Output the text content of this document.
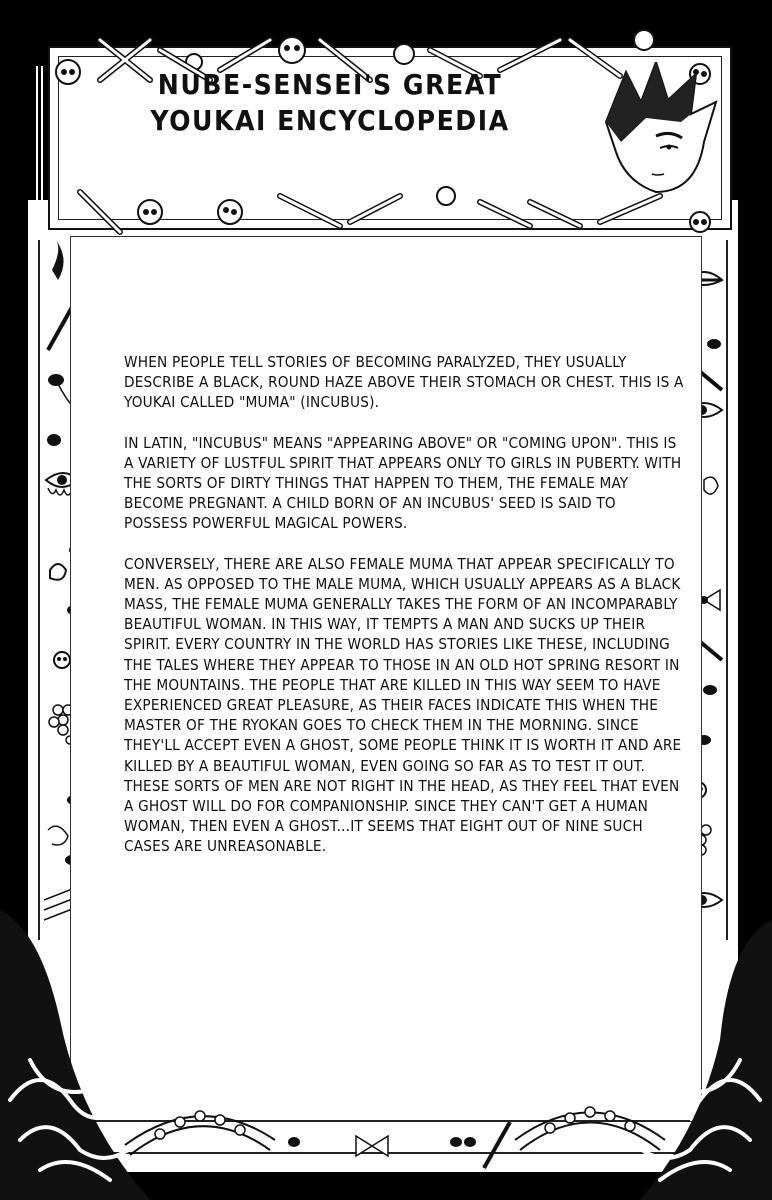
NUBE-SENSEI'S GREAT
YOUKAI ENCYCLOPEDIA

WHEN PEOPLE TELL STORIES OF BECOMING PARALYZED, THEY USUALLY DESCRIBE A BLACK, ROUND HAZE ABOVE THEIR STOMACH OR CHEST. THIS IS A YOUKAI CALLED "MUMA" (INCUBUS).

IN LATIN, "INCUBUS" MEANS "APPEARING ABOVE" OR "COMING UPON". THIS IS A VARIETY OF LUSTFUL SPIRIT THAT APPEARS ONLY TO GIRLS IN PUBERTY. WITH THE SORTS OF DIRTY THINGS THAT HAPPEN TO THEM, THE FEMALE MAY BECOME PREGNANT. A CHILD BORN OF AN INCUBUS' SEED IS SAID TO POSSESS POWERFUL MAGICAL POWERS.

CONVERSELY, THERE ARE ALSO FEMALE MUMA THAT APPEAR SPECIFICALLY TO MEN. AS OPPOSED TO THE MALE MUMA, WHICH USUALLY APPEARS AS A BLACK MASS, THE FEMALE MUMA GENERALLY TAKES THE FORM OF AN INCOMPARABLY BEAUTIFUL WOMAN. IN THIS WAY, IT TEMPTS A MAN AND SUCKS UP THEIR SPIRIT. EVERY COUNTRY IN THE WORLD HAS STORIES LIKE THESE, INCLUDING THE TALES WHERE THEY APPEAR TO THOSE IN AN OLD HOT SPRING RESORT IN THE MOUNTAINS. THE PEOPLE THAT ARE KILLED IN THIS WAY SEEM TO HAVE EXPERIENCED GREAT PLEASURE, AS THEIR FACES INDICATE THIS WHEN THE MASTER OF THE RYOKAN GOES TO CHECK THEM IN THE MORNING. SINCE THEY'LL ACCEPT EVEN A GHOST, SOME PEOPLE THINK IT IS WORTH IT AND ARE KILLED BY A BEAUTIFUL WOMAN, EVEN GOING SO FAR AS TO TEST IT OUT. THESE SORTS OF MEN ARE NOT RIGHT IN THE HEAD, AS THEY FEEL THAT EVEN A GHOST WILL DO FOR COMPANIONSHIP. SINCE THEY CAN'T GET A HUMAN WOMAN, THEN EVEN A GHOST...IT SEEMS THAT EIGHT OUT OF NINE SUCH CASES ARE UNREASONABLE.
